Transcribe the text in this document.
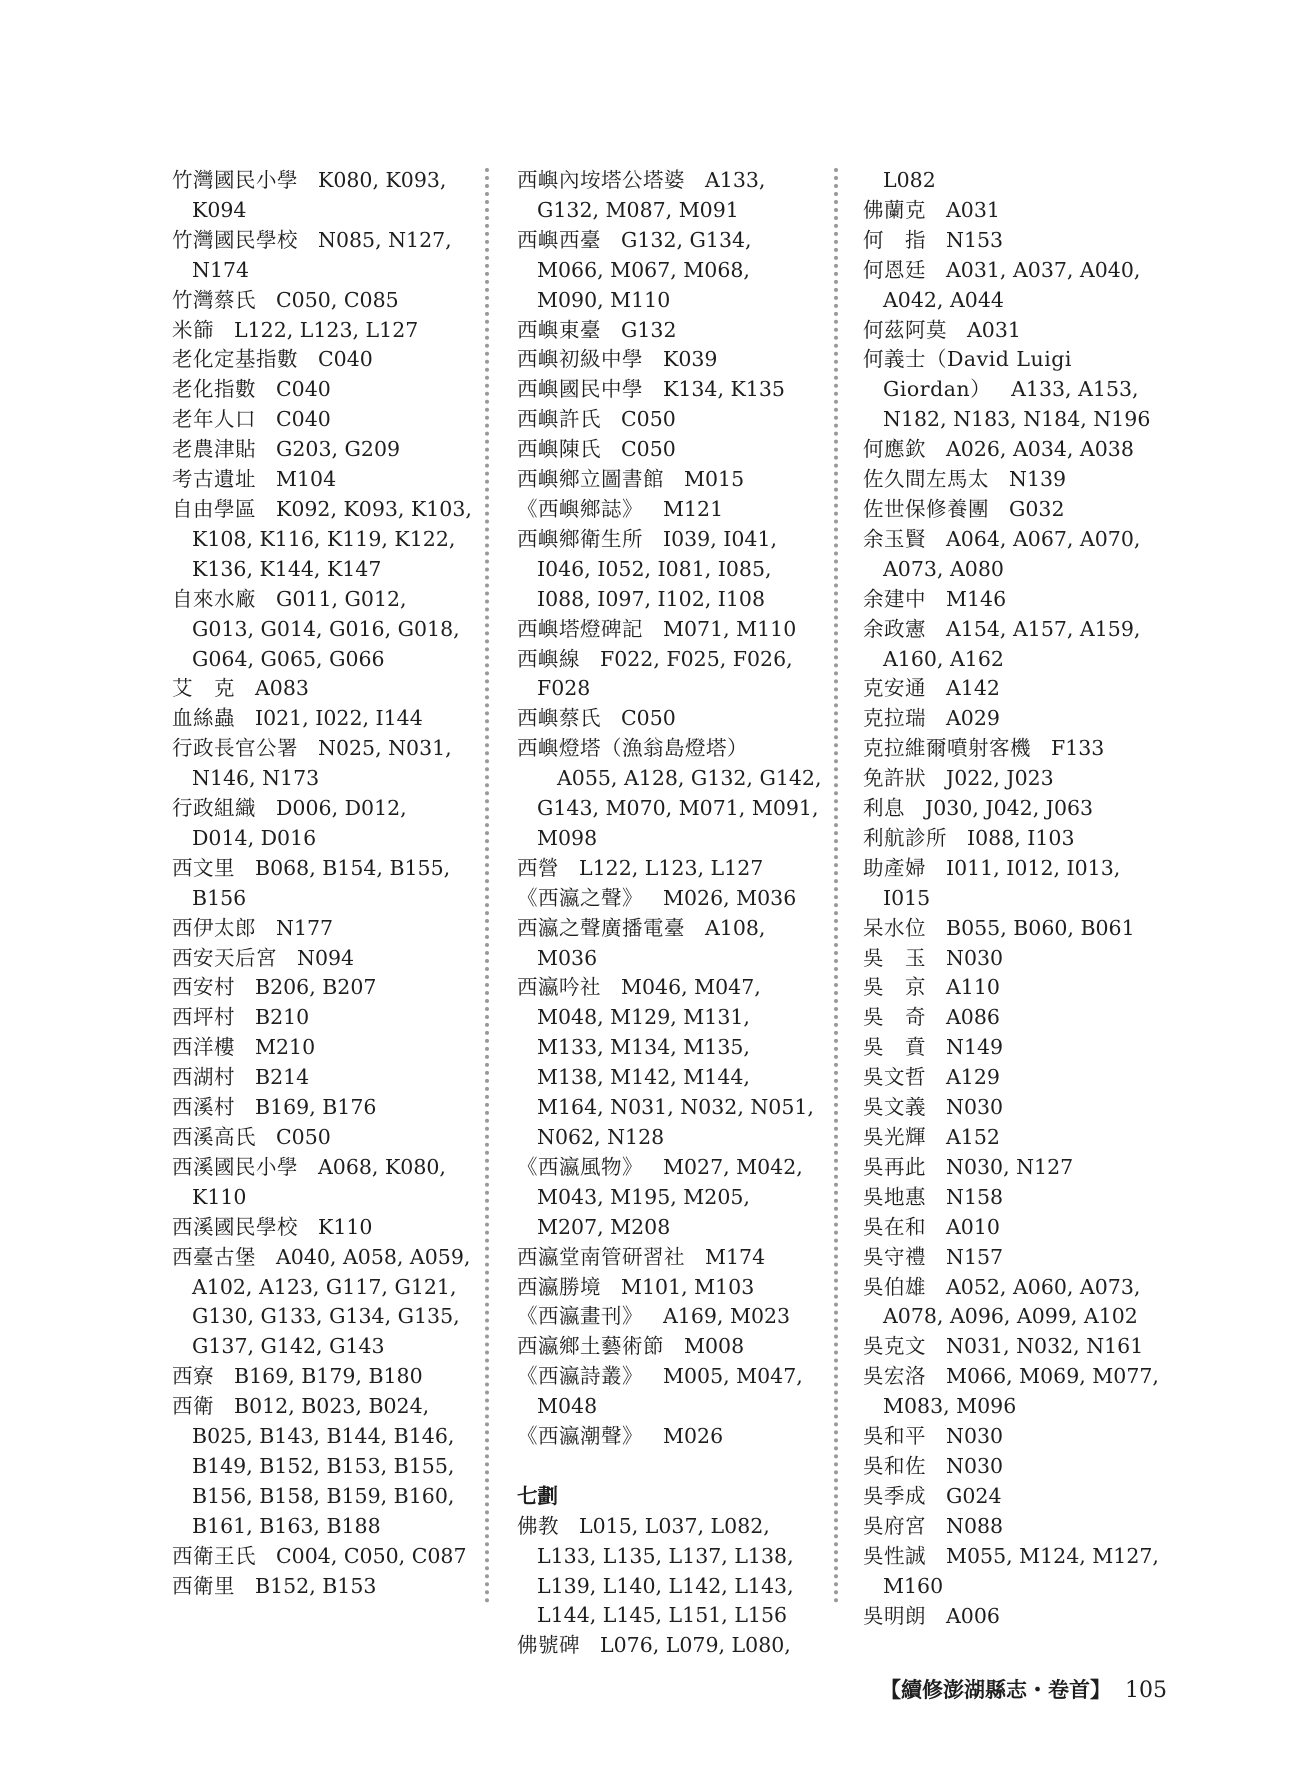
竹灣國民小學 K080, K093, K094
竹灣國民學校 N085, N127, N174
竹灣蔡氏 C050, C085
米篩 L122, L123, L127
老化定基指數 C040
老化指數 C040
老年人口 C040
老農津貼 G203, G209
考古遺址 M104
自由學區 K092, K093, K103, K108, K116, K119, K122, K136, K144, K147
自來水廠 G011, G012, G013, G014, G016, G018, G064, G065, G066
艾　克 A083
血絲蟲 I021, I022, I144
行政長官公署 N025, N031, N146, N173
行政組織 D006, D012, D014, D016
西文里 B068, B154, B155, B156
西伊太郎 N177
西安天后宮 N094
西安村 B206, B207
西坪村 B210
西洋樓 M210
西湖村 B214
西溪村 B169, B176
西溪高氏 C050
西溪國民小學 A068, K080, K110
西溪國民學校 K110
西臺古堡 A040, A058, A059, A102, A123, G117, G121, G130, G133, G134, G135, G137, G142, G143
西寮 B169, B179, B180
西衛 B012, B023, B024, B025, B143, B144, B146, B149, B152, B153, B155, B156, B158, B159, B160, B161, B163, B188
西衛王氏 C004, C050, C087
西衛里 B152, B153
西嶼內垵塔公塔婆 A133, G132, M087, M091
西嶼西臺 G132, G134, M066, M067, M068, M090, M110
西嶼東臺 G132
西嶼初級中學 K039
西嶼國民中學 K134, K135
西嶼許氏 C050
西嶼陳氏 C050
西嶼鄉立圖書館 M015
《西嶼鄉誌》 M121
西嶼鄉衛生所 I039, I041, I046, I052, I081, I085, I088, I097, I102, I108
西嶼塔燈碑記 M071, M110
西嶼線 F022, F025, F026, F028
西嶼蔡氏 C050
西嶼燈塔（漁翁島燈塔）A055, A128, G132, G142, G143, M070, M071, M091, M098
西營 L122, L123, L127
《西瀛之聲》 M026, M036
西瀛之聲廣播電臺 A108, M036
西瀛吟社 M046, M047, M048, M129, M131, M133, M134, M135, M138, M142, M144, M164, N031, N032, N051, N062, N128
《西瀛風物》 M027, M042, M043, M195, M205, M207, M208
西瀛堂南管研習社 M174
西瀛勝境 M101, M103
《西瀛畫刊》 A169, M023
西瀛鄉土藝術節 M008
《西瀛詩叢》 M005, M047, M048
《西瀛潮聲》 M026
七劃
佛教 L015, L037, L082, L133, L135, L137, L138, L139, L140, L142, L143, L144, L145, L151, L156
佛號碑 L076, L079, L080,
L082
佛蘭克 A031
何　指 N153
何恩廷 A031, A037, A040, A042, A044
何茲阿莫 A031
何義士（David Luigi Giordan） A133, A153, N182, N183, N184, N196
何應欽 A026, A034, A038
佐久間左馬太 N139
佐世保修養團 G032
余玉賢 A064, A067, A070, A073, A080
余建中 M146
余政憲 A154, A157, A159, A160, A162
克安通 A142
克拉瑞 A029
克拉維爾噴射客機 F133
免許狀 J022, J023
利息 J030, J042, J063
利航診所 I088, I103
助產婦 I011, I012, I013, I015
呆水位 B055, B060, B061
吳　玉 N030
吳　京 A110
吳　奇 A086
吳　賁 N149
吳文哲 A129
吳文義 N030
吳光輝 A152
吳再此 N030, N127
吳地惠 N158
吳在和 A010
吳守禮 N157
吳伯雄 A052, A060, A073, A078, A096, A099, A102
吳克文 N031, N032, N161
吳宏洛 M066, M069, M077, M083, M096
吳和平 N030
吳和佐 N030
吳季成 G024
吳府宮 N088
吳性誠 M055, M124, M127, M160
吳明朗 A006
【續修澎湖縣志・卷首】 105
